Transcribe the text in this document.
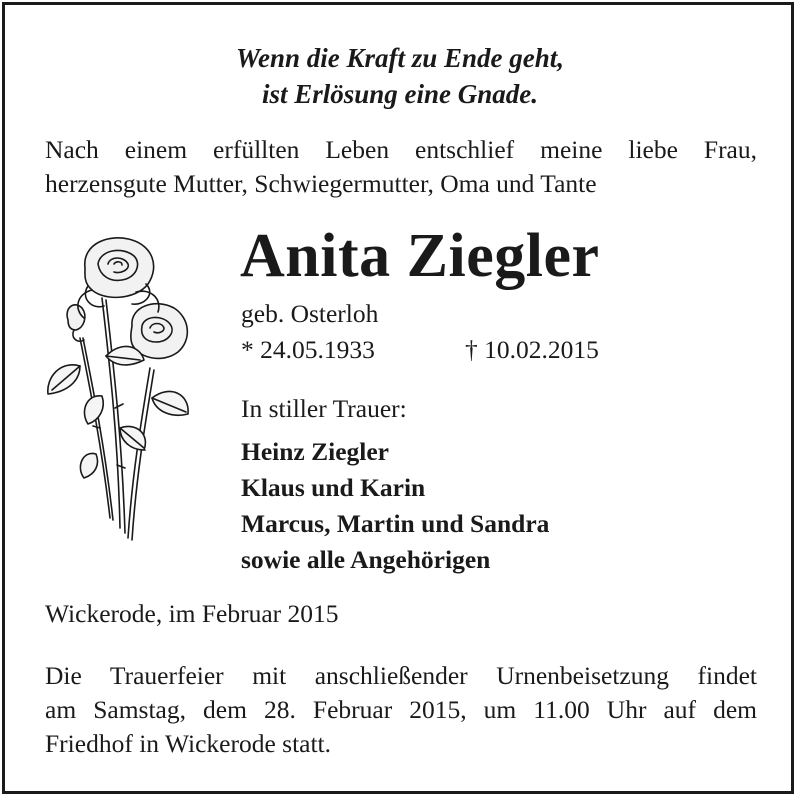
Wenn die Kraft zu Ende geht,
ist Erlösung eine Gnade.
Nach einem erfüllten Leben entschlief meine liebe Frau,
herzensgute Mutter, Schwiegermutter, Oma und Tante
Anita Ziegler
geb. Osterloh
* 24.05.1933	† 10.02.2015
In stiller Trauer:
Heinz Ziegler
Klaus und Karin
Marcus, Martin und Sandra
sowie alle Angehörigen
Wickerode, im Februar 2015
Die Trauerfeier mit anschließender Urnenbeisetzung findet
am Samstag, dem 28. Februar 2015, um 11.00 Uhr auf dem
Friedhof in Wickerode statt.
